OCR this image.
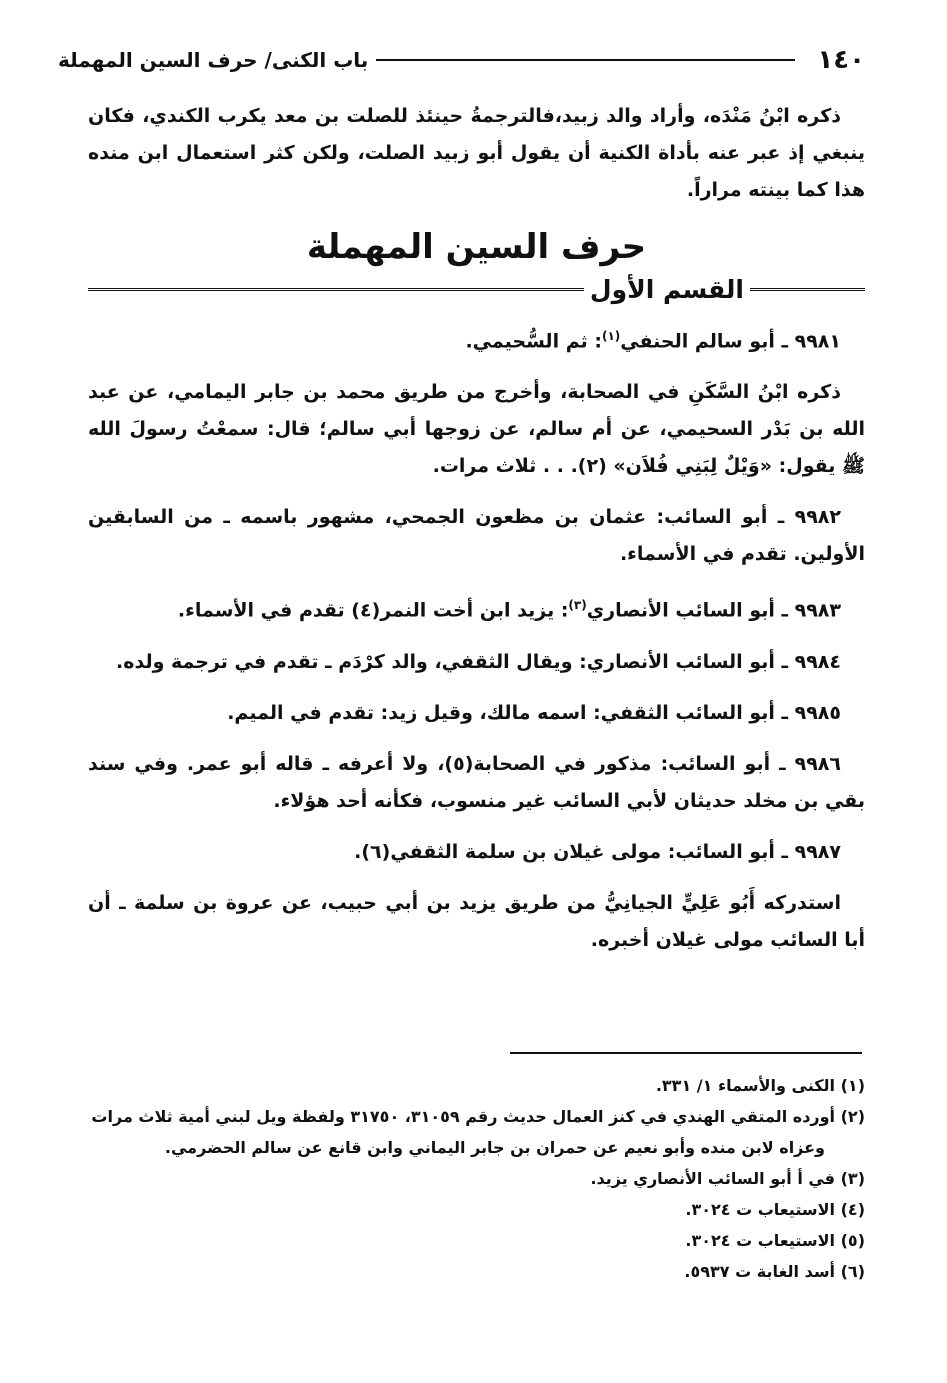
١٤٠
باب الكنى/ حرف السين المهملة

ذكره ابْنُ مَنْدَه، وأراد والد زبيد،فالترجمةُ حينئذ للصلت بن معد يكرب الكندي، فكان ينبغي إذ عبر عنه بأداة الكنية أن يقول أبو زبيد الصلت، ولكن كثر استعمال ابن منده هذا كما بينته مراراً.

حرف السين المهملة
القسم الأول

٩٩٨١ ـ أبو سالم الحنفي$^{(١)}$: ثم السُّحيمي.

ذكره ابْنُ السَّكَنِ في الصحابة، وأخرج من طريق محمد بن جابر اليمامي، عن عبد الله بن بَدْر السحيمي، عن أم سالم، عن زوجها أبي سالم؛ قال: سمعْتُ رسولَ الله ﷺ يقول: «وَيْلٌ لِبَنِي فُلاَن» (٢). . . ثلاث مرات.

٩٩٨٢ ـ أبو السائب: عثمان بن مظعون الجمحي، مشهور باسمه ـ من السابقين الأولين. تقدم في الأسماء.

٩٩٨٣ ـ أبو السائب الأنصاري$^{(٣)}$: يزيد ابن أخت النمر(٤) تقدم في الأسماء.

٩٩٨٤ ـ أبو السائب الأنصاري: ويقال الثقفي، والد كرْدَم ـ تقدم في ترجمة ولده.

٩٩٨٥ ـ أبو السائب الثقفي: اسمه مالك، وقيل زيد: تقدم في الميم.

٩٩٨٦ ـ أبو السائب: مذكور في الصحابة(٥)، ولا أعرفه ـ قاله أبو عمر. وفي سند بقي بن مخلد حديثان لأبي السائب غير منسوب، فكأنه أحد هؤلاء.

٩٩٨٧ ـ أبو السائب: مولى غيلان بن سلمة الثقفي(٦).

استدركه أَبُو عَلِيٍّ الجيانِيُّ من طريق يزيد بن أبي حبيب، عن عروة بن سلمة ـ أن أبا السائب مولى غيلان أخبره.

(١) الكنى والأسماء ١/ ٣٣١.

(٢) أورده المتقي الهندي في كنز العمال حديث رقم ٣١٠٥٩، ٣١٧٥٠ ولفظة ويل لبني أمية ثلاث مرات

وعزاه لابن منده وأبو نعيم عن حمران بن جابر اليماني وابن قانع عن سالم الحضرمي.

(٣) في أ أبو السائب الأنصاري يزيد.

(٤) الاستيعاب ت ٣٠٢٤.

(٥) الاستيعاب ت ٣٠٢٤.

(٦) أسد الغابة ت ٥٩٣٧.
